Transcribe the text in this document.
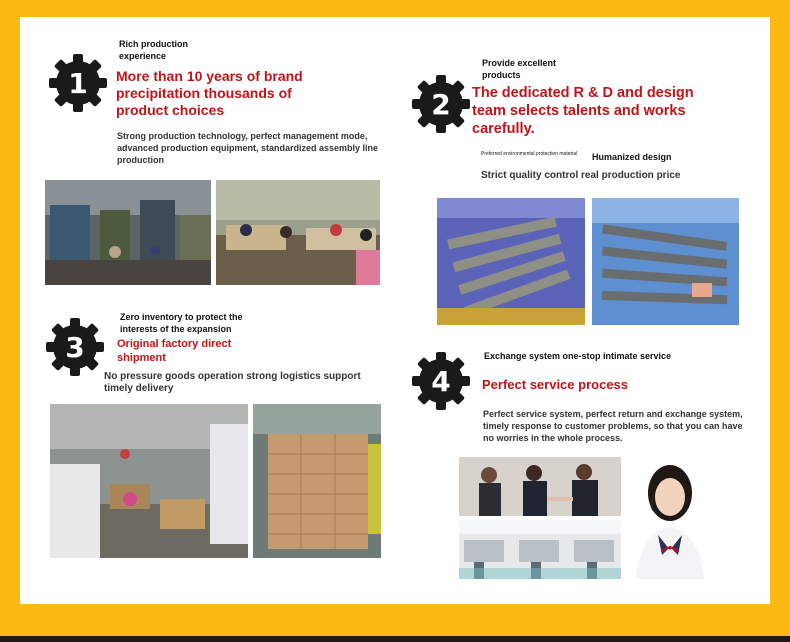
1
Rich production experience
More than 10 years of brand precipitation thousands of product choices
Strong production technology, perfect management mode, advanced production equipment, standardized assembly line production
2
Provide excellent products
The dedicated R & D and design team selects talents and works carefully.
Preferred environmental protection material	Humanized design
Strict quality control real production price
3
Zero inventory to protect the interests of the expansion
Original factory direct shipment
No pressure goods operation strong logistics support timely delivery	4
Exchange system one-stop intimate service
Perfect service process
Perfect service system, perfect return and exchange system, timely response to customer problems, so that you can have no worries in the whole process.
